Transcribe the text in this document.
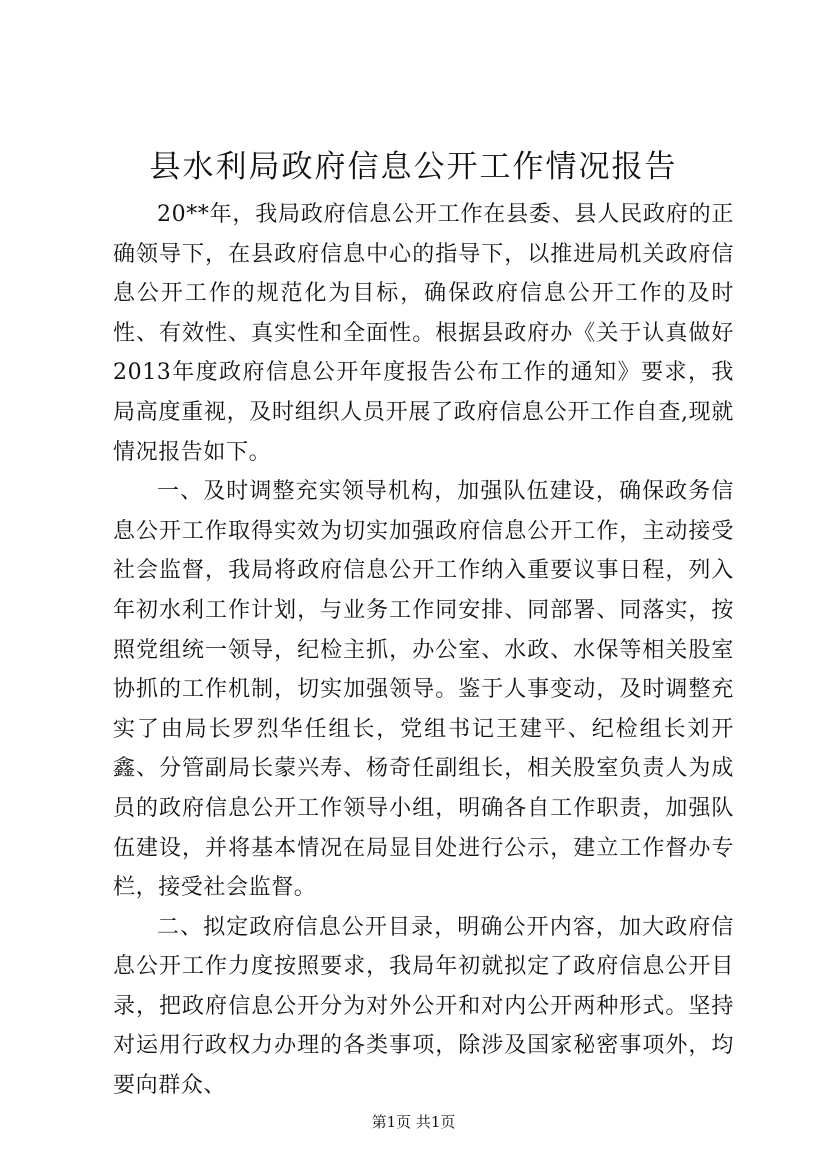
县水利局政府信息公开工作情况报告

20**年，我局政府信息公开工作在县委、县人民政府的正确领导下，在县政府信息中心的指导下，以推进局机关政府信息公开工作的规范化为目标，确保政府信息公开工作的及时性、有效性、真实性和全面性。根据县政府办《关于认真做好2013年度政府信息公开年度报告公布工作的通知》要求，我局高度重视，及时组织人员开展了政府信息公开工作自查,现就情况报告如下。

一、及时调整充实领导机构，加强队伍建设，确保政务信息公开工作取得实效为切实加强政府信息公开工作，主动接受社会监督，我局将政府信息公开工作纳入重要议事日程，列入年初水利工作计划，与业务工作同安排、同部署、同落实，按照党组统一领导，纪检主抓，办公室、水政、水保等相关股室协抓的工作机制，切实加强领导。鉴于人事变动，及时调整充实了由局长罗烈华任组长，党组书记王建平、纪检组长刘开鑫、分管副局长蒙兴寿、杨奇任副组长，相关股室负责人为成员的政府信息公开工作领导小组，明确各自工作职责，加强队伍建设，并将基本情况在局显目处进行公示，建立工作督办专栏，接受社会监督。

二、拟定政府信息公开目录，明确公开内容，加大政府信息公开工作力度按照要求，我局年初就拟定了政府信息公开目录，把政府信息公开分为对外公开和对内公开两种形式。坚持对运用行政权力办理的各类事项，除涉及国家秘密事项外，均要向群众、

第1页 共1页
